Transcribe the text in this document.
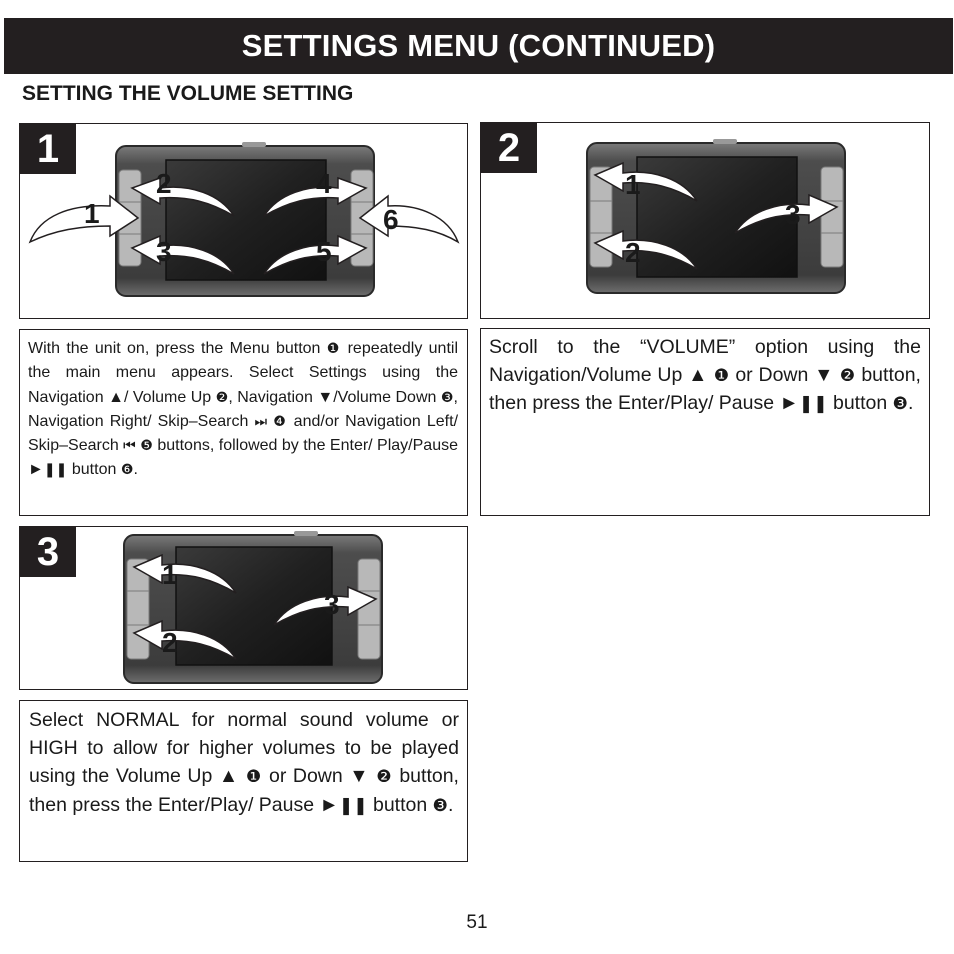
SETTINGS MENU (CONTINUED)
SETTING THE VOLUME SETTING
1
1
2
3
4
5
6
2
1
2
3
With the unit on, press the Menu button ❶ repeatedly until the main menu appears. Select Settings using the Navigation ▲/ Volume Up ❷, Navigation ▼/Volume Down ❸, Navigation Right/ Skip–Search ⏭ ❹ and/or Navigation Left/ Skip–Search ⏮ ❺ buttons, followed by the Enter/ Play/Pause ►❚❚ button ❻.
Scroll to the “VOLUME” option using the Navigation/Volume Up ▲ ❶ or Down ▼ ❷ button, then press the Enter/Play/ Pause ►❚❚ button ❸.
3
1
2
3
Select NORMAL for normal sound volume or HIGH to allow for higher volumes to be played using the Volume Up ▲ ❶ or Down ▼ ❷ button, then press the Enter/Play/ Pause ►❚❚ button ❸.
51
